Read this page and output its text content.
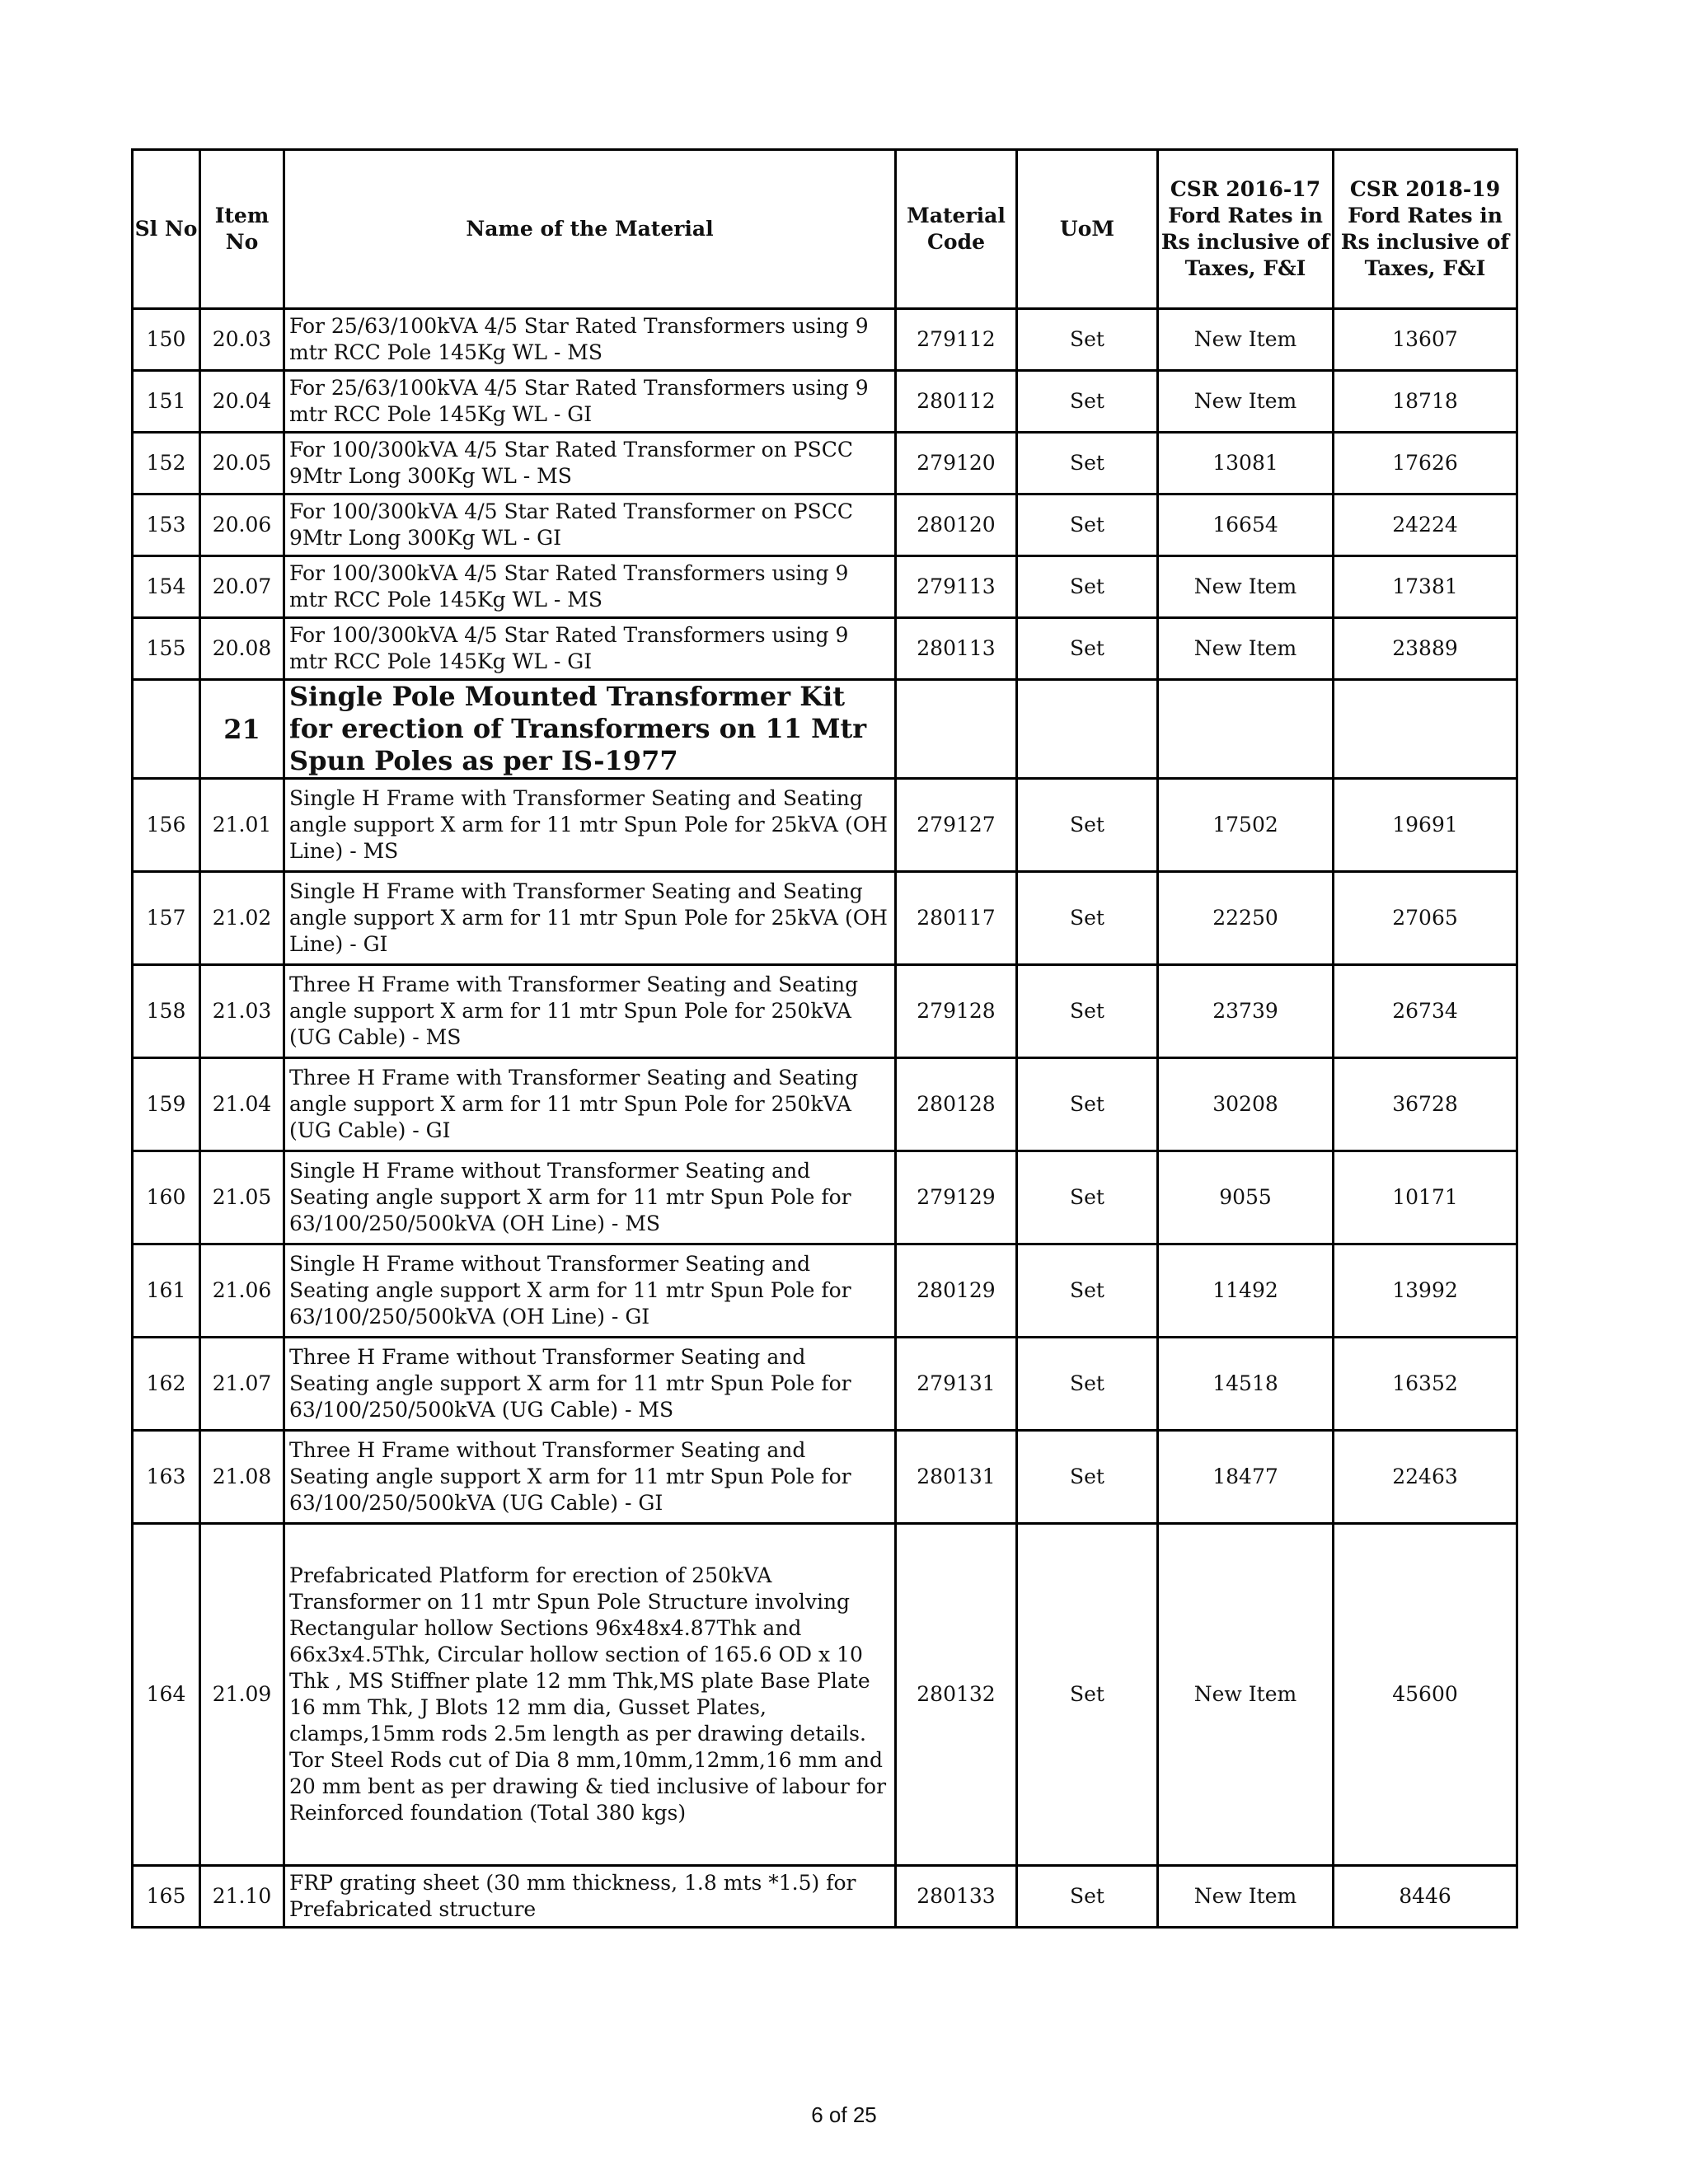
Sl No	Item No	Name of the Material	Material Code	UoM	CSR 2016-17 Ford Rates in Rs inclusive of Taxes, F&I	CSR 2018-19 Ford Rates in Rs inclusive of Taxes, F&I
150	20.03	For 25/63/100kVA 4/5 Star Rated Transformers using 9 mtr RCC Pole 145Kg WL - MS	279112	Set	New Item	13607
151	20.04	For 25/63/100kVA 4/5 Star Rated Transformers using 9 mtr RCC Pole 145Kg WL - GI	280112	Set	New Item	18718
152	20.05	For 100/300kVA 4/5 Star Rated Transformer on PSCC 9Mtr Long 300Kg WL - MS	279120	Set	13081	17626
153	20.06	For 100/300kVA 4/5 Star Rated Transformer on PSCC 9Mtr Long 300Kg WL - GI	280120	Set	16654	24224
154	20.07	For 100/300kVA 4/5 Star Rated Transformers using 9 mtr RCC Pole 145Kg WL - MS	279113	Set	New Item	17381
155	20.08	For 100/300kVA 4/5 Star Rated Transformers using 9 mtr RCC Pole 145Kg WL - GI	280113	Set	New Item	23889
	21	Single Pole Mounted Transformer Kit for erection of Transformers on 11 Mtr Spun Poles as per IS-1977				
156	21.01	Single H Frame with Transformer Seating and Seating angle support X arm for 11 mtr Spun Pole for 25kVA (OH Line) - MS	279127	Set	17502	19691
157	21.02	Single H Frame with Transformer Seating and Seating angle support X arm for 11 mtr Spun Pole for 25kVA (OH Line) - GI	280117	Set	22250	27065
158	21.03	Three H Frame with Transformer Seating and Seating angle support X arm for 11 mtr Spun Pole for 250kVA (UG Cable) - MS	279128	Set	23739	26734
159	21.04	Three H Frame with Transformer Seating and Seating angle support X arm for 11 mtr Spun Pole for 250kVA (UG Cable) - GI	280128	Set	30208	36728
160	21.05	Single H Frame without Transformer Seating and Seating angle support X arm for 11 mtr Spun Pole for 63/100/250/500kVA (OH Line) - MS	279129	Set	9055	10171
161	21.06	Single H Frame without Transformer Seating and Seating angle support X arm for 11 mtr Spun Pole for 63/100/250/500kVA (OH Line) - GI	280129	Set	11492	13992
162	21.07	Three H Frame without Transformer Seating and Seating angle support X arm for 11 mtr Spun Pole for 63/100/250/500kVA (UG Cable) - MS	279131	Set	14518	16352
163	21.08	Three H Frame without Transformer Seating and Seating angle support X arm for 11 mtr Spun Pole for 63/100/250/500kVA (UG Cable) - GI	280131	Set	18477	22463
164	21.09	Prefabricated Platform for erection of 250kVA Transformer on 11 mtr Spun Pole Structure involving Rectangular hollow Sections 96x48x4.87Thk and 66x3x4.5Thk, Circular hollow section of 165.6 OD x 10 Thk , MS Stiffner plate 12 mm Thk,MS plate Base Plate 16 mm Thk, J Blots 12 mm dia, Gusset Plates, clamps,15mm rods 2.5m length as per drawing details. Tor Steel Rods cut of Dia 8 mm,10mm,12mm,16 mm and 20 mm bent as per drawing & tied inclusive of labour for Reinforced foundation (Total 380 kgs)	280132	Set	New Item	45600
165	21.10	FRP grating sheet (30 mm thickness, 1.8 mts *1.5) for Prefabricated structure	280133	Set	New Item	8446
6 of 25
